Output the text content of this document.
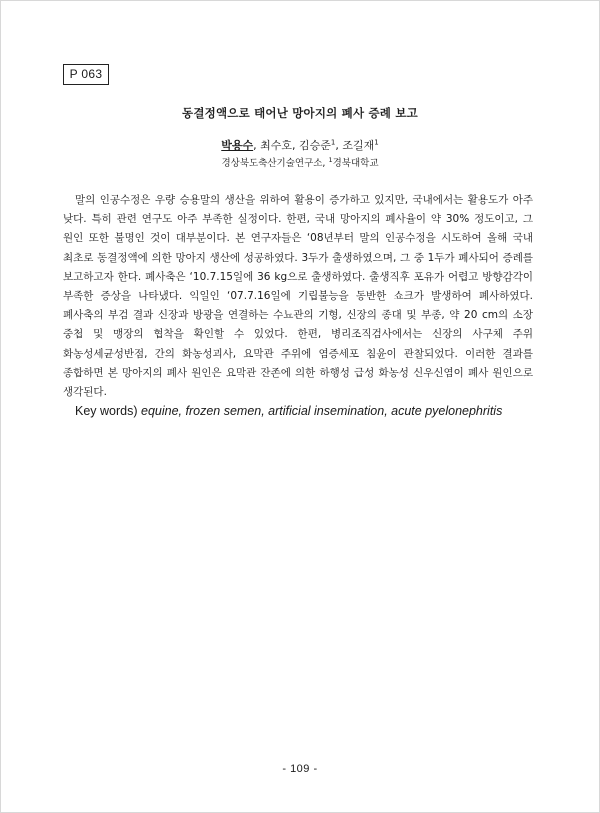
P 063
동결정액으로 태어난 망아지의 폐사 증례 보고
박용수, 최수호, 김승준$^1$, 조길재$^1$
경상북도축산기술연구소, $^1$경북대학교

말의 인공수정은 우량 승용말의 생산을 위하여 활용이 증가하고 있지만, 국내에서는 활용도가 아주 낮다. 특히 관련 연구도 아주 부족한 실정이다. 한편, 국내 망아지의 폐사율이 약 30% 정도이고, 그 원인 또한 불명인 것이 대부분이다. 본 연구자들은 ‘08년부터 말의 인공수정을 시도하여 올해 국내 최초로 동결정액에 의한 망아지 생산에 성공하였다. 3두가 출생하였으며, 그 중 1두가 폐사되어 증례를 보고하고자 한다. 폐사축은 ‘10.7.15일에 36 kg으로 출생하였다. 출생직후 포유가 어렵고 방향감각이 부족한 증상을 나타냈다. 익일인 ‘07.7.16일에 기립불능을 동반한 쇼크가 발생하여 폐사하였다. 폐사축의 부검 결과 신장과 방광을 연결하는 수뇨관의 기형, 신장의 종대 및 부종, 약 20 cm의 소장 중첩 및 맹장의 협착을 확인할 수 있었다. 한편, 병리조직검사에서는 신장의 사구체 주위 화농성세균성반점, 간의 화농성괴사, 요막관 주위에 염증세포 침윤이 관찰되었다. 이러한 결과를 종합하면 본 망아지의 폐사 원인은 요막관 잔존에 의한 하행성 급성 화농성 신우신염이 폐사 원인으로 생각된다.

Key words) equine, frozen semen, artificial insemination, acute pyelonephritis
- 109 -
